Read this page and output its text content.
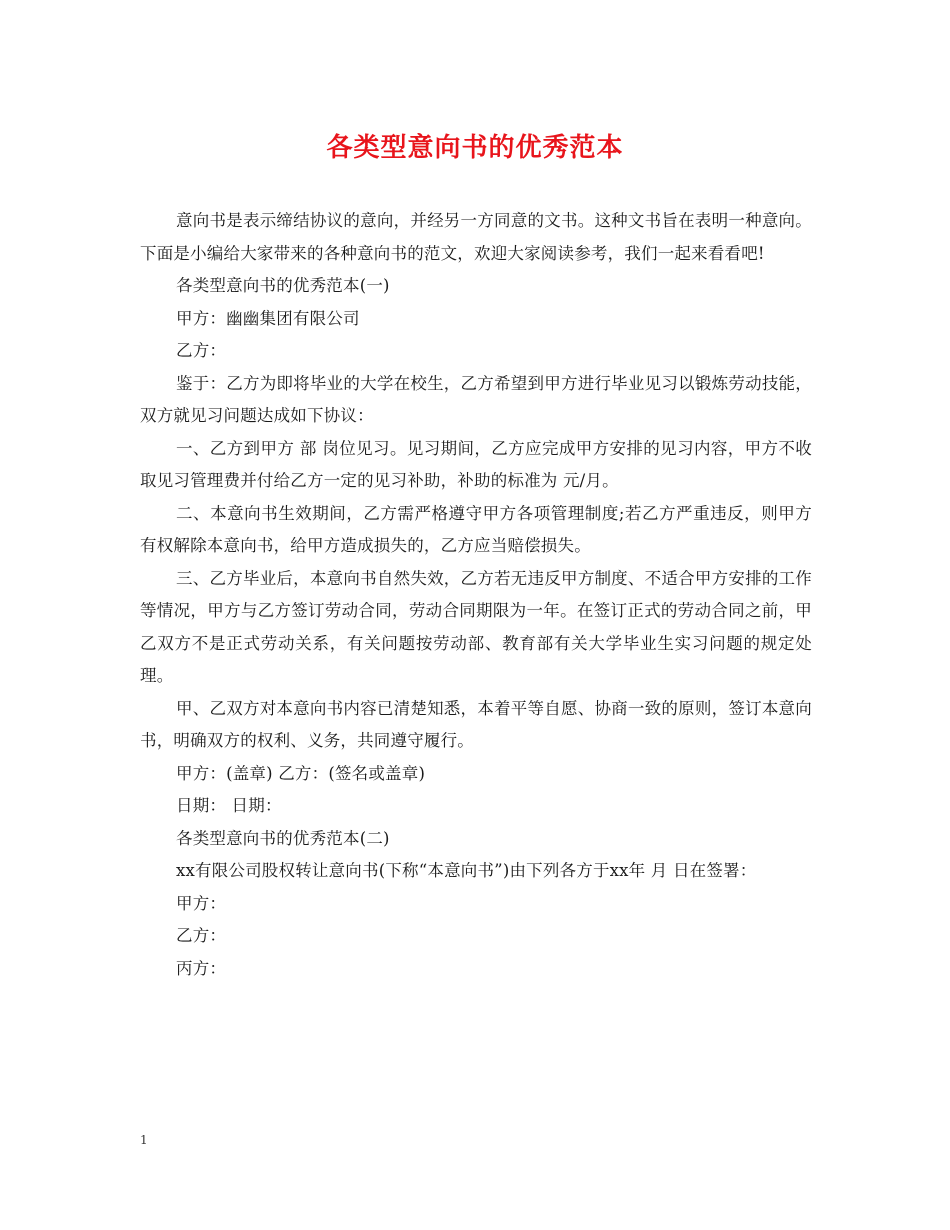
各类型意向书的优秀范本

意向书是表示缔结协议的意向，并经另一方同意的文书。这种文书旨在表明一种意向。下面是小编给大家带来的各种意向书的范文，欢迎大家阅读参考，我们一起来看看吧!

各类型意向书的优秀范本(一)

甲方：幽幽集团有限公司

乙方：

鉴于：乙方为即将毕业的大学在校生，乙方希望到甲方进行毕业见习以锻炼劳动技能，双方就见习问题达成如下协议：

一、乙方到甲方 部 岗位见习。见习期间，乙方应完成甲方安排的见习内容，甲方不收取见习管理费并付给乙方一定的见习补助，补助的标准为 元/月。

二、本意向书生效期间，乙方需严格遵守甲方各项管理制度;若乙方严重违反，则甲方有权解除本意向书，给甲方造成损失的，乙方应当赔偿损失。

三、乙方毕业后，本意向书自然失效，乙方若无违反甲方制度、不适合甲方安排的工作等情况，甲方与乙方签订劳动合同，劳动合同期限为一年。在签订正式的劳动合同之前，甲乙双方不是正式劳动关系，有关问题按劳动部、教育部有关大学毕业生实习问题的规定处理。

甲、乙双方对本意向书内容已清楚知悉，本着平等自愿、协商一致的原则，签订本意向书，明确双方的权利、义务，共同遵守履行。

甲方：(盖章) 乙方：(签名或盖章)

日期： 日期：

各类型意向书的优秀范本(二)

xx有限公司股权转让意向书(下称“本意向书”)由下列各方于xx年 月 日在签署：

甲方：

乙方：

丙方：

1
